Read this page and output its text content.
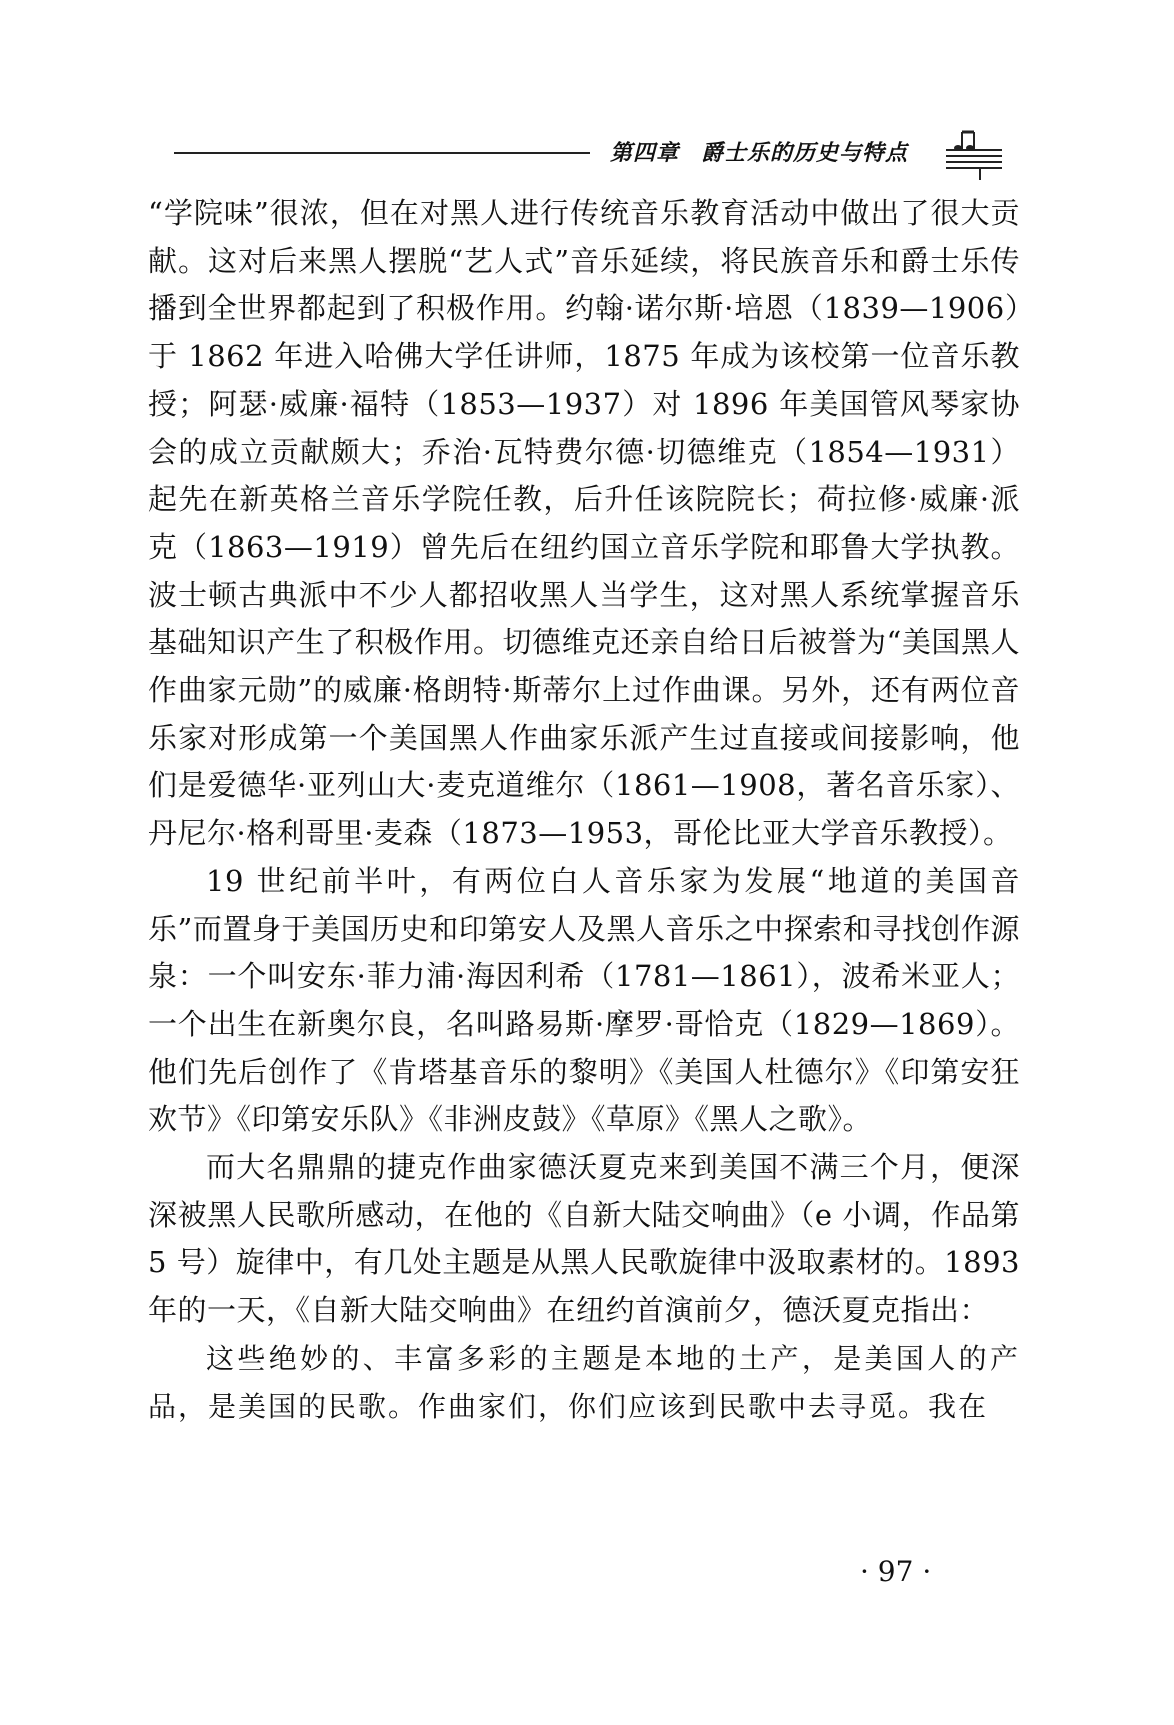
第四章 爵士乐的历史与特点

“学院味”很浓，但在对黑人进行传统音乐教育活动中做出了很大贡献。这对后来黑人摆脱“艺人式”音乐延续，将民族音乐和爵士乐传播到全世界都起到了积极作用。约翰·诺尔斯·培恩（1839—1906）于 1862 年进入哈佛大学任讲师，1875 年成为该校第一位音乐教授；阿瑟·威廉·福特（1853—1937）对 1896 年美国管风琴家协会的成立贡献颇大；乔治·瓦特费尔德·切德维克（1854—1931）起先在新英格兰音乐学院任教，后升任该院院长；荷拉修·威廉·派克（1863—1919）曾先后在纽约国立音乐学院和耶鲁大学执教。波士顿古典派中不少人都招收黑人当学生，这对黑人系统掌握音乐基础知识产生了积极作用。切德维克还亲自给日后被誉为“美国黑人作曲家元勋”的威廉·格朗特·斯蒂尔上过作曲课。另外，还有两位音乐家对形成第一个美国黑人作曲家乐派产生过直接或间接影响，他们是爱德华·亚列山大·麦克道维尔（1861—1908，著名音乐家）、丹尼尔·格利哥里·麦森（1873—1953，哥伦比亚大学音乐教授）。

19 世纪前半叶，有两位白人音乐家为发展“地道的美国音乐”而置身于美国历史和印第安人及黑人音乐之中探索和寻找创作源泉：一个叫安东·菲力浦·海因利希（1781—1861），波希米亚人；一个出生在新奥尔良，名叫路易斯·摩罗·哥恰克（1829—1869）。他们先后创作了《肯塔基音乐的黎明》《美国人杜德尔》《印第安狂欢节》《印第安乐队》《非洲皮鼓》《草原》《黑人之歌》。

而大名鼎鼎的捷克作曲家德沃夏克来到美国不满三个月，便深深被黑人民歌所感动，在他的《自新大陆交响曲》（e 小调，作品第 5 号）旋律中，有几处主题是从黑人民歌旋律中汲取素材的。1893 年的一天，《自新大陆交响曲》在纽约首演前夕，德沃夏克指出：

这些绝妙的、丰富多彩的主题是本地的土产，是美国人的产品，是美国的民歌。作曲家们，你们应该到民歌中去寻觅。我在

· 97 ·
